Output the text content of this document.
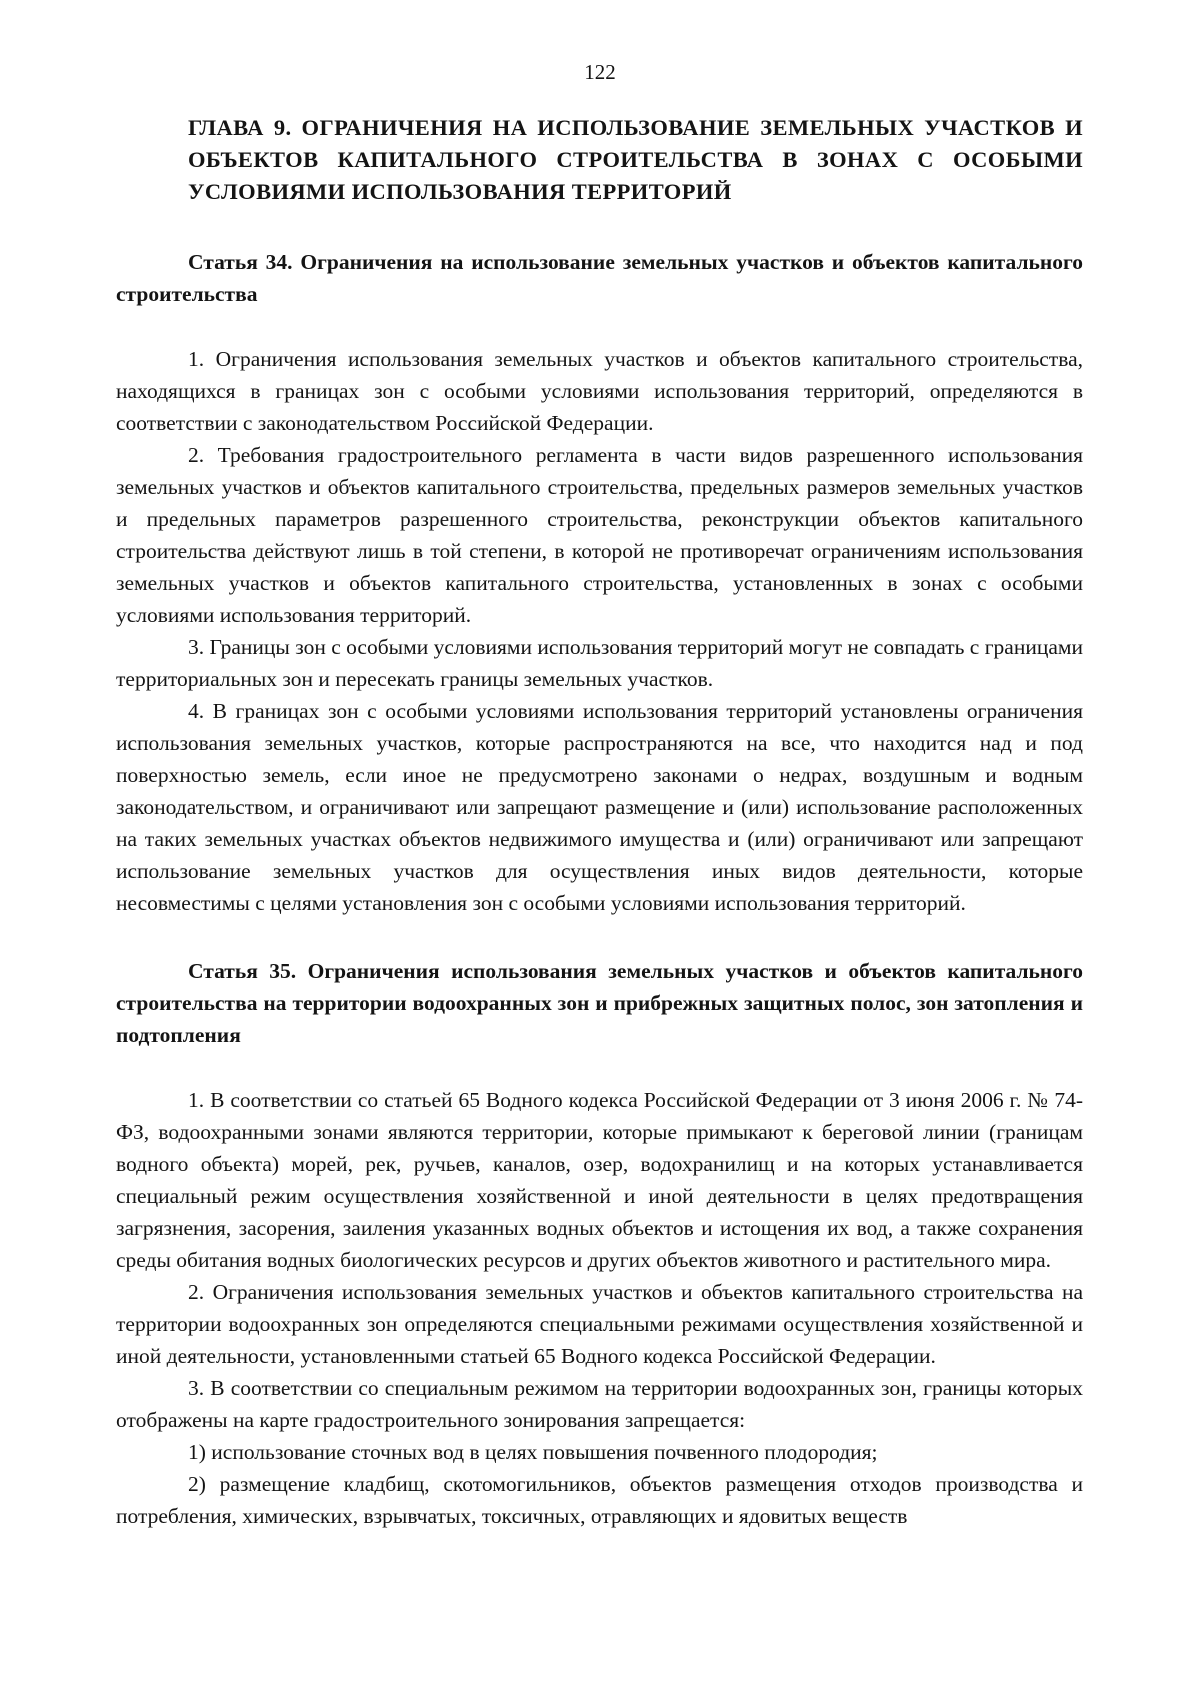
122

ГЛАВА 9. ОГРАНИЧЕНИЯ НА ИСПОЛЬЗОВАНИЕ ЗЕМЕЛЬНЫХ УЧАСТКОВ И ОБЪЕКТОВ КАПИТАЛЬНОГО СТРОИТЕЛЬСТВА В ЗОНАХ С ОСОБЫМИ УСЛОВИЯМИ ИСПОЛЬЗОВАНИЯ ТЕРРИТОРИЙ

Статья 34. Ограничения на использование земельных участков и объектов капитального строительства

1. Ограничения использования земельных участков и объектов капитального строительства, находящихся в границах зон с особыми условиями использования территорий, определяются в соответствии с законодательством Российской Федерации.

2. Требования градостроительного регламента в части видов разрешенного использования земельных участков и объектов капитального строительства, предельных размеров земельных участков и предельных параметров разрешенного строительства, реконструкции объектов капитального строительства действуют лишь в той степени, в которой не противоречат ограничениям использования земельных участков и объектов капитального строительства, установленных в зонах с особыми условиями использования территорий.

3. Границы зон с особыми условиями использования территорий могут не совпадать с границами территориальных зон и пересекать границы земельных участков.

4. В границах зон с особыми условиями использования территорий установлены ограничения использования земельных участков, которые распространяются на все, что находится над и под поверхностью земель, если иное не предусмотрено законами о недрах, воздушным и водным законодательством, и ограничивают или запрещают размещение и (или) использование расположенных на таких земельных участках объектов недвижимого имущества и (или) ограничивают или запрещают использование земельных участков для осуществления иных видов деятельности, которые несовместимы с целями установления зон с особыми условиями использования территорий.

Статья 35. Ограничения использования земельных участков и объектов капитального строительства на территории водоохранных зон и прибрежных защитных полос, зон затопления и подтопления

1. В соответствии со статьей 65 Водного кодекса Российской Федерации от 3 июня 2006 г. № 74-ФЗ, водоохранными зонами являются территории, которые примыкают к береговой линии (границам водного объекта) морей, рек, ручьев, каналов, озер, водохранилищ и на которых устанавливается специальный режим осуществления хозяйственной и иной деятельности в целях предотвращения загрязнения, засорения, заиления указанных водных объектов и истощения их вод, а также сохранения среды обитания водных биологических ресурсов и других объектов животного и растительного мира.

2. Ограничения использования земельных участков и объектов капитального строительства на территории водоохранных зон определяются специальными режимами осуществления хозяйственной и иной деятельности, установленными статьей 65 Водного кодекса Российской Федерации.

3. В соответствии со специальным режимом на территории водоохранных зон, границы которых отображены на карте градостроительного зонирования запрещается:

1) использование сточных вод в целях повышения почвенного плодородия;

2) размещение кладбищ, скотомогильников, объектов размещения отходов производства и потребления, химических, взрывчатых, токсичных, отравляющих и ядовитых веществ
